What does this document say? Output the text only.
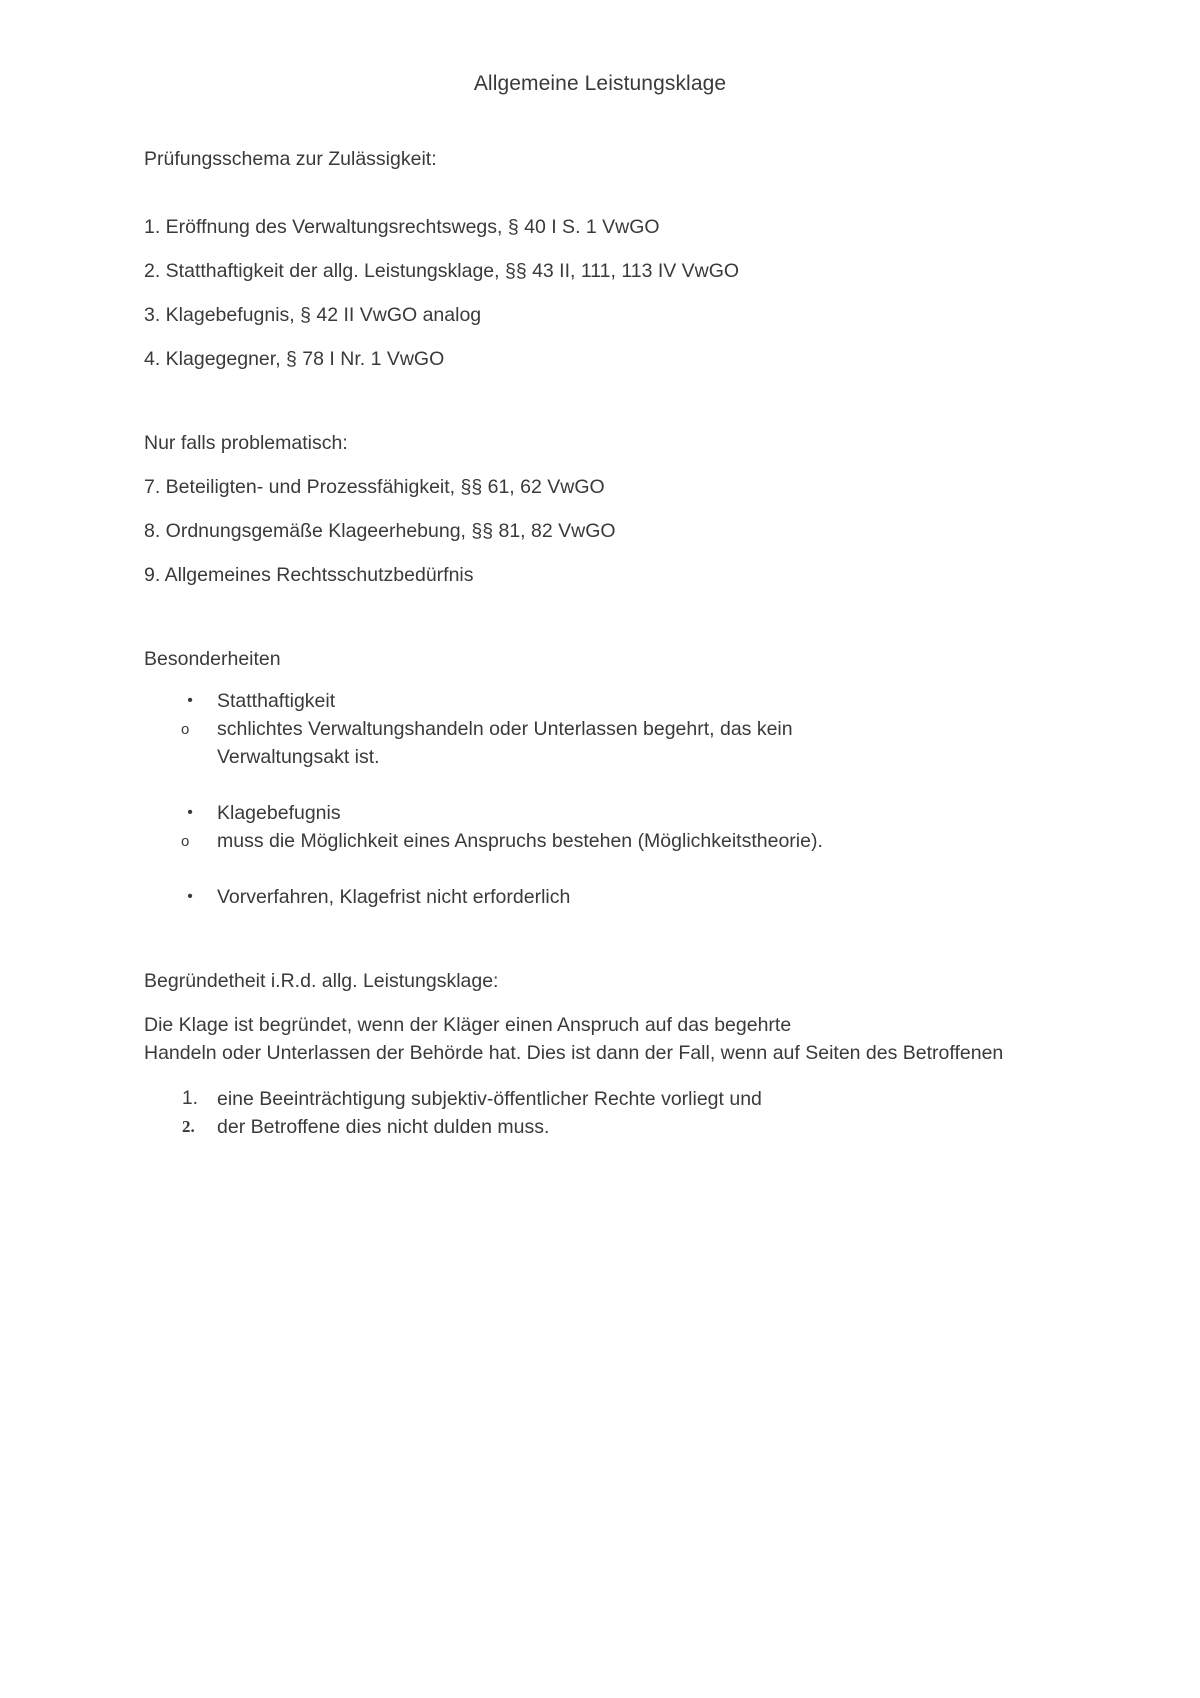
Allgemeine Leistungsklage

Prüfungsschema zur Zulässigkeit:

1. Eröffnung des Verwaltungsrechtswegs, § 40 I S. 1 VwGO

2. Statthaftigkeit der allg. Leistungsklage, §§ 43 II, 111, 113 IV VwGO

3. Klagebefugnis, § 42 II VwGO analog

4. Klagegegner, § 78 I Nr. 1 VwGO

Nur falls problematisch:

7. Beteiligten- und Prozessfähigkeit, §§ 61, 62 VwGO

8. Ordnungsgemäße Klageerhebung, §§ 81, 82 VwGO

9. Allgemeines Rechtsschutzbedürfnis

Besonderheiten

• Statthaftigkeit
o schlichtes Verwaltungshandeln oder Unterlassen begehrt, das kein Verwaltungsakt ist.
• Klagebefugnis
o muss die Möglichkeit eines Anspruchs bestehen (Möglichkeitstheorie).
• Vorverfahren, Klagefrist nicht erforderlich

Begründetheit i.R.d. allg. Leistungsklage:

Die Klage ist begründet, wenn der Kläger einen Anspruch auf das begehrte
Handeln oder Unterlassen der Behörde hat. Dies ist dann der Fall, wenn auf Seiten des Betroffenen
1. eine Beeinträchtigung subjektiv-öffentlicher Rechte vorliegt und
2. der Betroffene dies nicht dulden muss.
